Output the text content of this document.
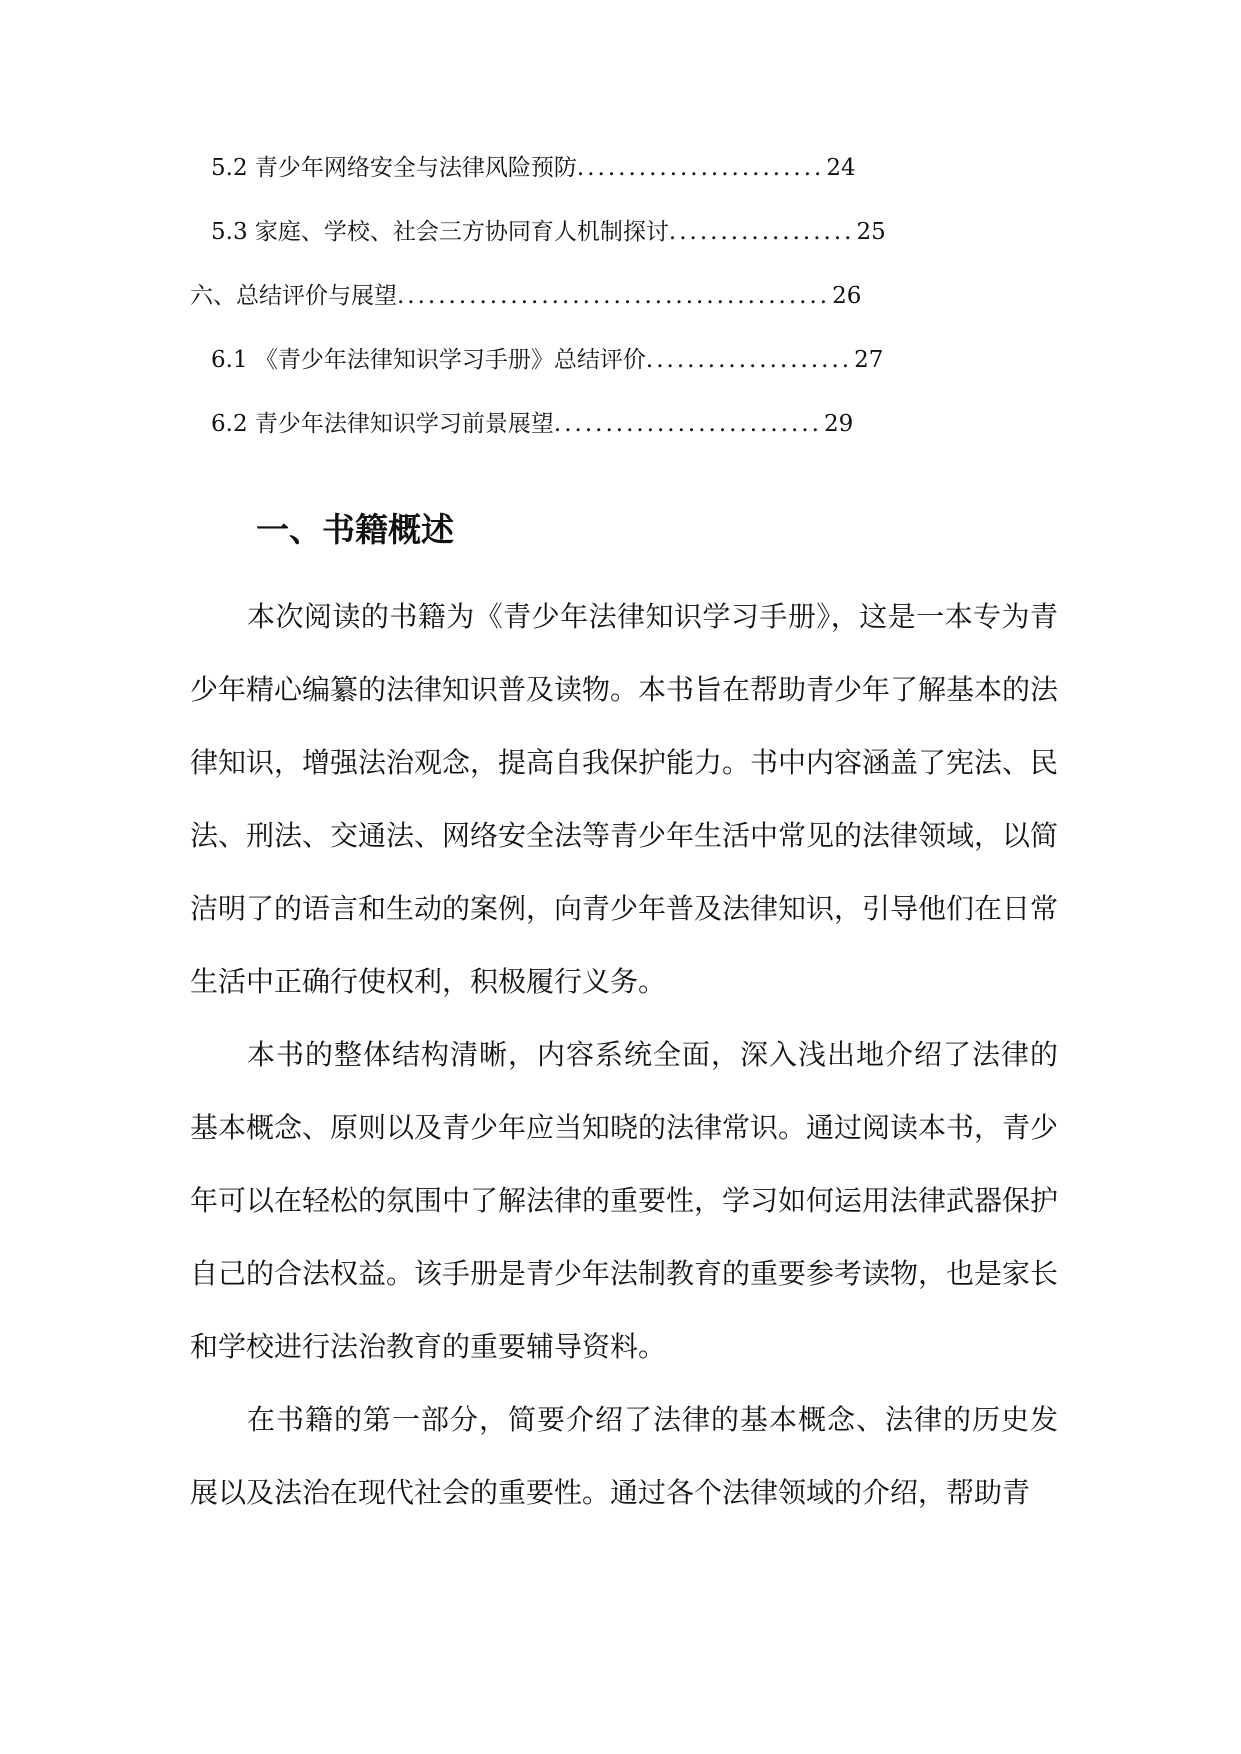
5.2 青少年网络安全与法律风险预防........................24
5.3 家庭、学校、社会三方协同育人机制探讨..................25
六、总结评价与展望..........................................26
6.1 《青少年法律知识学习手册》总结评价....................27
6.2 青少年法律知识学习前景展望..........................29
一、书籍概述

本次阅读的书籍为《青少年法律知识学习手册》，这是一本专为青少年精心编纂的法律知识普及读物。本书旨在帮助青少年了解基本的法律知识，增强法治观念，提高自我保护能力。书中内容涵盖了宪法、民法、刑法、交通法、网络安全法等青少年生活中常见的法律领域，以简洁明了的语言和生动的案例，向青少年普及法律知识，引导他们在日常生活中正确行使权利，积极履行义务。

本书的整体结构清晰，内容系统全面，深入浅出地介绍了法律的基本概念、原则以及青少年应当知晓的法律常识。通过阅读本书，青少年可以在轻松的氛围中了解法律的重要性，学习如何运用法律武器保护自己的合法权益。该手册是青少年法制教育的重要参考读物，也是家长和学校进行法治教育的重要辅导资料。

在书籍的第一部分，简要介绍了法律的基本概念、法律的历史发展以及法治在现代社会的重要性。通过各个法律领域的介绍，帮助青
